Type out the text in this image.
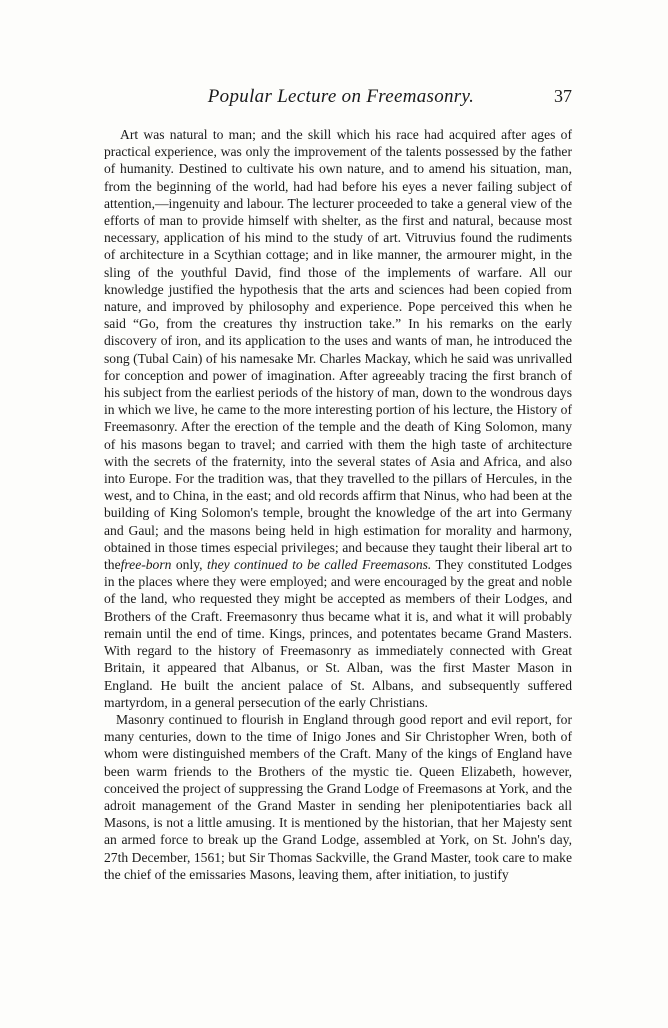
Popular Lecture on Freemasonry.	37

Art was natural to man; and the skill which his race had acquired after ages of practical experience, was only the improvement of the talents possessed by the father of humanity. Destined to cultivate his own nature, and to amend his situation, man, from the beginning of the world, had had before his eyes a never failing subject of attention,—ingenuity and labour. The lecturer proceeded to take a general view of the efforts of man to provide himself with shelter, as the first and natural, because most necessary, application of his mind to the study of art. Vitruvius found the rudiments of architecture in a Scythian cottage; and in like manner, the armourer might, in the sling of the youthful David, find those of the implements of warfare. All our knowledge justified the hypothesis that the arts and sciences had been copied from nature, and improved by philosophy and experience. Pope perceived this when he said “Go, from the creatures thy instruction take.” In his remarks on the early discovery of iron, and its application to the uses and wants of man, he introduced the song (Tubal Cain) of his namesake Mr. Charles Mackay, which he said was unrivalled for conception and power of imagination. After agreeably tracing the first branch of his subject from the earliest periods of the history of man, down to the wondrous days in which we live, he came to the more interesting portion of his lecture, the History of Freemasonry. After the erection of the temple and the death of King Solomon, many of his masons began to travel; and carried with them the high taste of architecture with the secrets of the fraternity, into the several states of Asia and Africa, and also into Europe. For the tradition was, that they travelled to the pillars of Hercules, in the west, and to China, in the east; and old records affirm that Ninus, who had been at the building of King Solomon's temple, brought the knowledge of the art into Germany and Gaul; and the masons being held in high estimation for morality and harmony, obtained in those times especial privileges; and because they taught their liberal art to thefree-born only, they continued to be called Freemasons. They constituted Lodges in the places where they were employed; and were encouraged by the great and noble of the land, who requested they might be accepted as members of their Lodges, and Brothers of the Craft. Freemasonry thus became what it is, and what it will probably remain until the end of time. Kings, princes, and potentates became Grand Masters. With regard to the history of Freemasonry as immediately connected with Great Britain, it appeared that Albanus, or St. Alban, was the first Master Mason in England. He built the ancient palace of St. Albans, and subsequently suffered martyrdom, in a general persecution of the early Christians.

Masonry continued to flourish in England through good report and evil report, for many centuries, down to the time of Inigo Jones and Sir Christopher Wren, both of whom were distinguished members of the Craft. Many of the kings of England have been warm friends to the Brothers of the mystic tie. Queen Elizabeth, however, conceived the project of suppressing the Grand Lodge of Freemasons at York, and the adroit management of the Grand Master in sending her plenipotentiaries back all Masons, is not a little amusing. It is mentioned by the historian, that her Majesty sent an armed force to break up the Grand Lodge, assembled at York, on St. John's day, 27th December, 1561; but Sir Thomas Sackville, the Grand Master, took care to make the chief of the emissaries Masons, leaving them, after initiation, to justify
